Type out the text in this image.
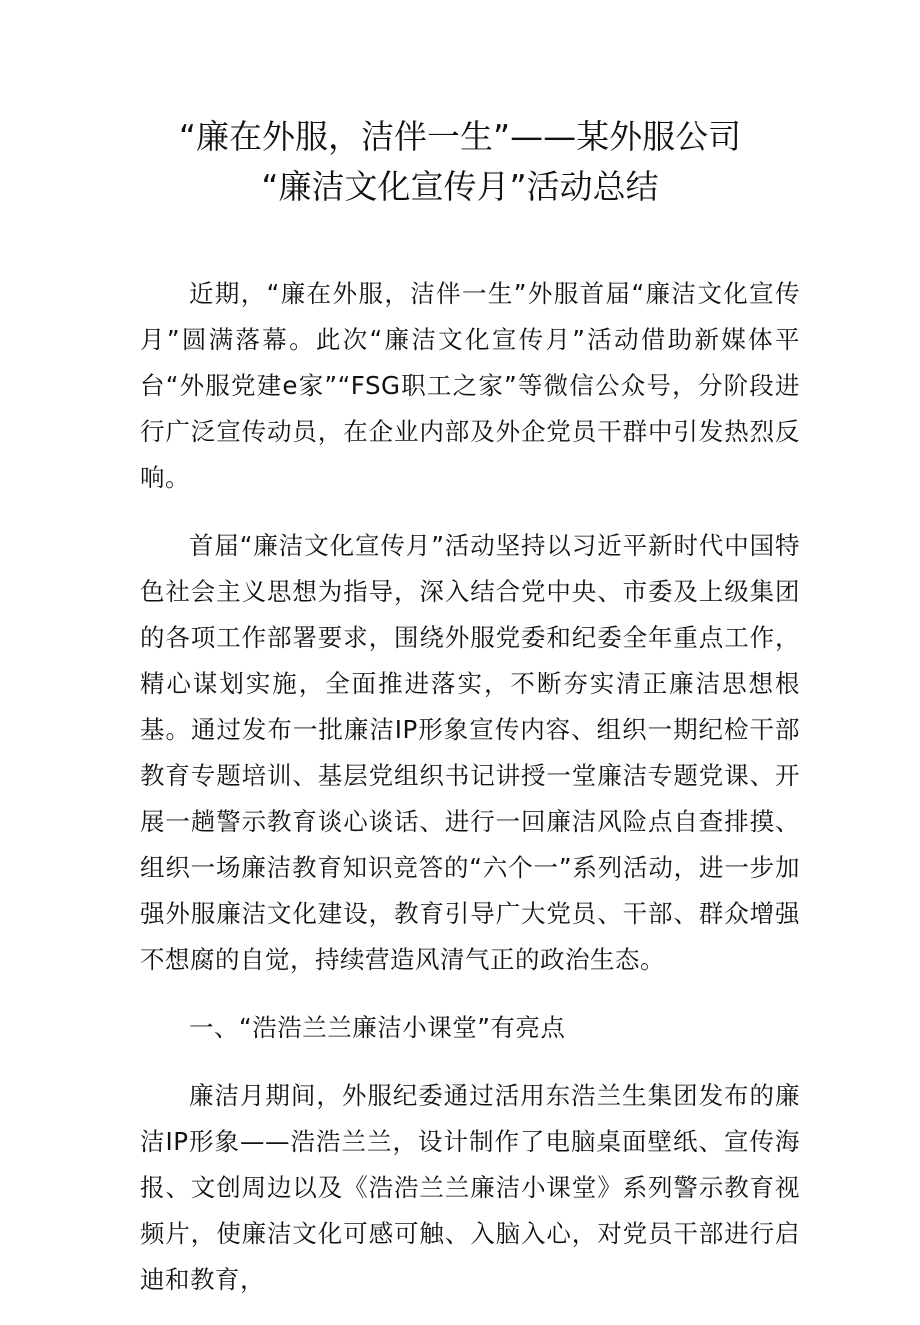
“廉在外服，洁伴一生”——某外服公司
“廉洁文化宣传月”活动总结

近期，“廉在外服，洁伴一生”外服首届“廉洁文化宣传月”圆满落幕。此次“廉洁文化宣传月”活动借助新媒体平台“外服党建e家”“FSG职工之家”等微信公众号，分阶段进行广泛宣传动员，在企业内部及外企党员干群中引发热烈反响。

首届“廉洁文化宣传月”活动坚持以习近平新时代中国特色社会主义思想为指导，深入结合党中央、市委及上级集团的各项工作部署要求，围绕外服党委和纪委全年重点工作，精心谋划实施，全面推进落实，不断夯实清正廉洁思想根基。通过发布一批廉洁IP形象宣传内容、组织一期纪检干部教育专题培训、基层党组织书记讲授一堂廉洁专题党课、开展一趟警示教育谈心谈话、进行一回廉洁风险点自查排摸、组织一场廉洁教育知识竞答的“六个一”系列活动，进一步加强外服廉洁文化建设，教育引导广大党员、干部、群众增强不想腐的自觉，持续营造风清气正的政治生态。

一、“浩浩兰兰廉洁小课堂”有亮点

廉洁月期间，外服纪委通过活用东浩兰生集团发布的廉洁IP形象——浩浩兰兰，设计制作了电脑桌面壁纸、宣传海报、文创周边以及《浩浩兰兰廉洁小课堂》系列警示教育视频片，使廉洁文化可感可触、入脑入心，对党员干部进行启迪和教育，
